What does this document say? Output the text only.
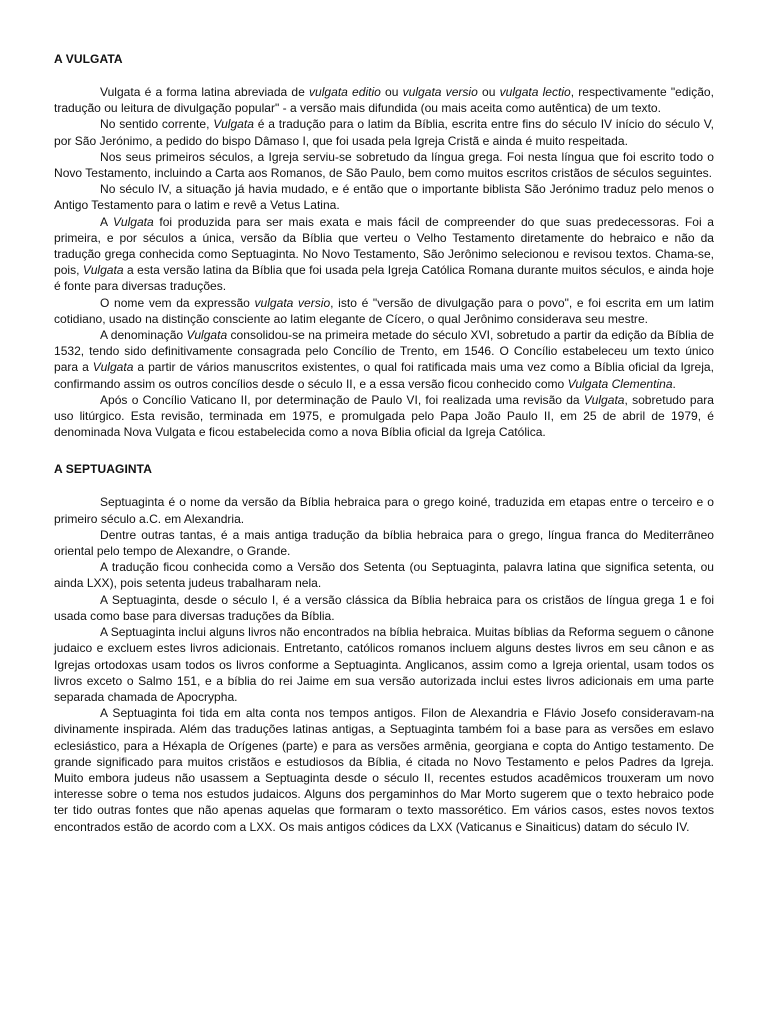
A VULGATA

Vulgata é a forma latina abreviada de vulgata editio ou vulgata versio ou vulgata lectio, respectivamente "edição, tradução ou leitura de divulgação popular" - a versão mais difundida (ou mais aceita como autêntica) de um texto.

No sentido corrente, Vulgata é a tradução para o latim da Bíblia, escrita entre fins do século IV início do século V, por São Jerónimo, a pedido do bispo Dâmaso I, que foi usada pela Igreja Cristã e ainda é muito respeitada.

Nos seus primeiros séculos, a Igreja serviu-se sobretudo da língua grega. Foi nesta língua que foi escrito todo o Novo Testamento, incluindo a Carta aos Romanos, de São Paulo, bem como muitos escritos cristãos de séculos seguintes.

No século IV, a situação já havia mudado, e é então que o importante biblista São Jerónimo traduz pelo menos o Antigo Testamento para o latim e revê a Vetus Latina.

A Vulgata foi produzida para ser mais exata e mais fácil de compreender do que suas predecessoras. Foi a primeira, e por séculos a única, versão da Bíblia que verteu o Velho Testamento diretamente do hebraico e não da tradução grega conhecida como Septuaginta. No Novo Testamento, São Jerônimo selecionou e revisou textos. Chama-se, pois, Vulgata a esta versão latina da Bíblia que foi usada pela Igreja Católica Romana durante muitos séculos, e ainda hoje é fonte para diversas traduções.

O nome vem da expressão vulgata versio, isto é "versão de divulgação para o povo", e foi escrita em um latim cotidiano, usado na distinção consciente ao latim elegante de Cícero, o qual Jerônimo considerava seu mestre.

A denominação Vulgata consolidou-se na primeira metade do século XVI, sobretudo a partir da edição da Bíblia de 1532, tendo sido definitivamente consagrada pelo Concílio de Trento, em 1546. O Concílio estabeleceu um texto único para a Vulgata a partir de vários manuscritos existentes, o qual foi ratificada mais uma vez como a Bíblia oficial da Igreja, confirmando assim os outros concílios desde o século II, e a essa versão ficou conhecido como Vulgata Clementina.

Após o Concílio Vaticano II, por determinação de Paulo VI, foi realizada uma revisão da Vulgata, sobretudo para uso litúrgico. Esta revisão, terminada em 1975, e promulgada pelo Papa João Paulo II, em 25 de abril de 1979, é denominada Nova Vulgata e ficou estabelecida como a nova Bíblia oficial da Igreja Católica.

A SEPTUAGINTA

Septuaginta é o nome da versão da Bíblia hebraica para o grego koiné, traduzida em etapas entre o terceiro e o primeiro século a.C. em Alexandria.

Dentre outras tantas, é a mais antiga tradução da bíblia hebraica para o grego, língua franca do Mediterrâneo oriental pelo tempo de Alexandre, o Grande.

A tradução ficou conhecida como a Versão dos Setenta (ou Septuaginta, palavra latina que significa setenta, ou ainda LXX), pois setenta judeus trabalharam nela.

A Septuaginta, desde o século I, é a versão clássica da Bíblia hebraica para os cristãos de língua grega 1 e foi usada como base para diversas traduções da Bíblia.

A Septuaginta inclui alguns livros não encontrados na bíblia hebraica. Muitas bíblias da Reforma seguem o cânone judaico e excluem estes livros adicionais. Entretanto, católicos romanos incluem alguns destes livros em seu cânon e as Igrejas ortodoxas usam todos os livros conforme a Septuaginta. Anglicanos, assim como a Igreja oriental, usam todos os livros exceto o Salmo 151, e a bíblia do rei Jaime em sua versão autorizada inclui estes livros adicionais em uma parte separada chamada de Apocrypha.

A Septuaginta foi tida em alta conta nos tempos antigos. Filon de Alexandria e Flávio Josefo consideravam-na divinamente inspirada. Além das traduções latinas antigas, a Septuaginta também foi a base para as versões em eslavo eclesiástico, para a Héxapla de Orígenes (parte) e para as versões armênia, georgiana e copta do Antigo testamento. De grande significado para muitos cristãos e estudiosos da Bíblia, é citada no Novo Testamento e pelos Padres da Igreja. Muito embora judeus não usassem a Septuaginta desde o século II, recentes estudos acadêmicos trouxeram um novo interesse sobre o tema nos estudos judaicos. Alguns dos pergaminhos do Mar Morto sugerem que o texto hebraico pode ter tido outras fontes que não apenas aquelas que formaram o texto massorético. Em vários casos, estes novos textos encontrados estão de acordo com a LXX. Os mais antigos códices da LXX (Vaticanus e Sinaiticus) datam do século IV.
